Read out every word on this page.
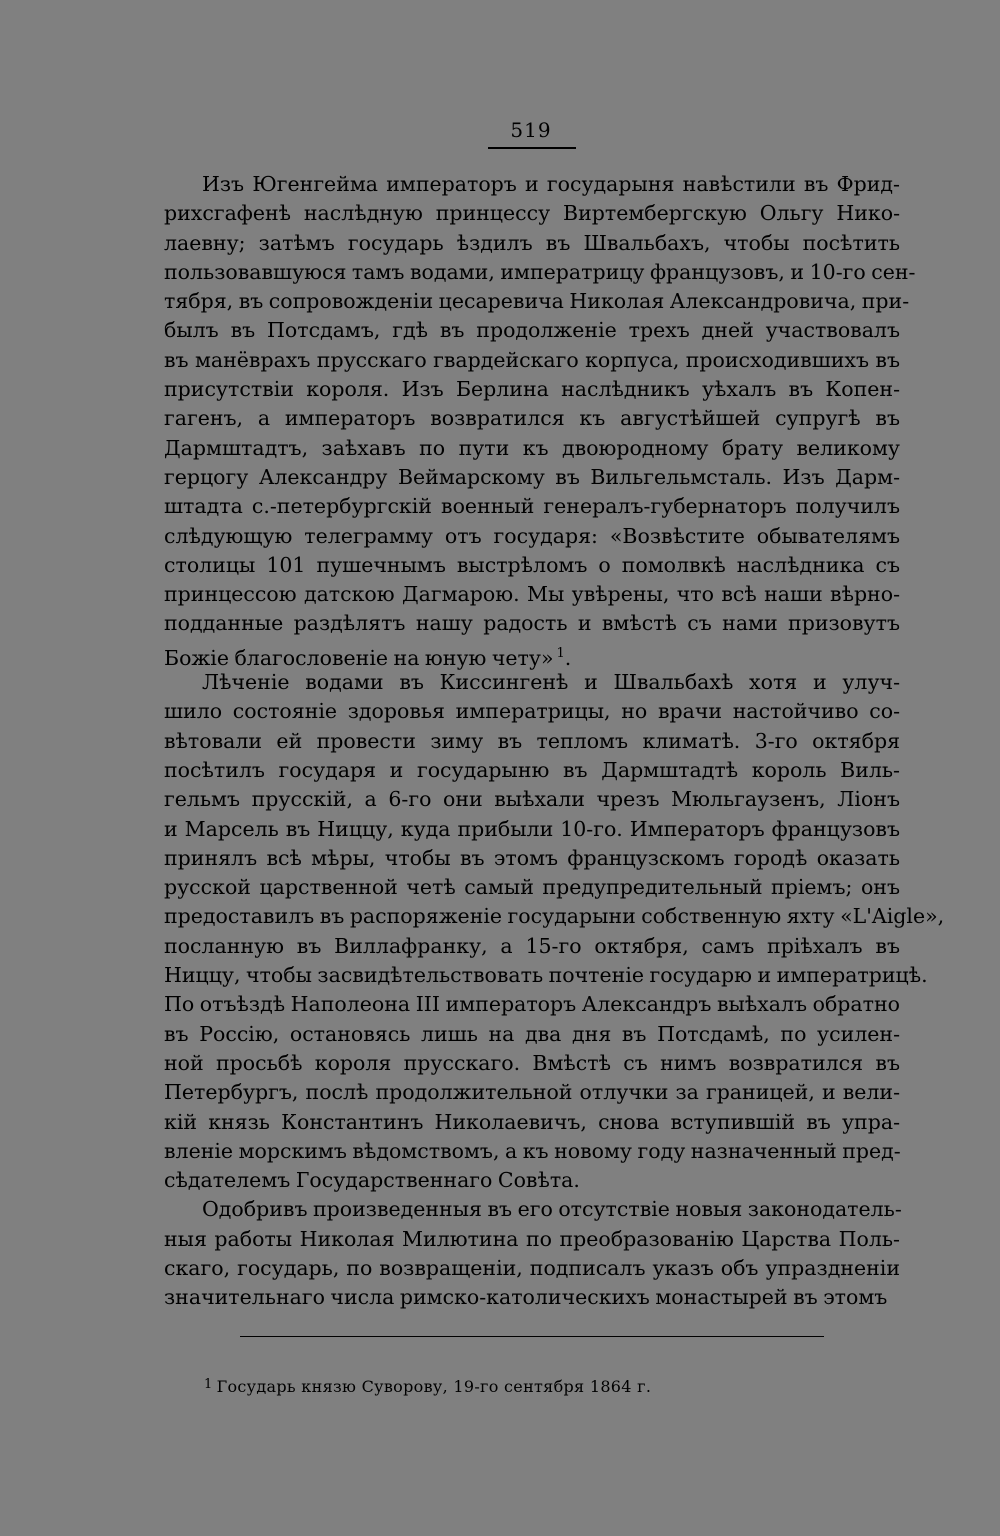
519
Изъ Югенгейма императоръ и государыня навѣстили въ Фрид-
рихсгафенѣ наслѣдную принцессу Виртембергскую Ольгу Нико-
лаевну; затѣмъ государь ѣздилъ въ Швальбахъ, чтобы посѣтить
пользовавшуюся тамъ водами, императрицу французовъ, и 10-го сен-
тября, въ сопровожденіи цесаревича Николая Александровича, при-
былъ въ Потсдамъ, гдѣ въ продолженіе трехъ дней участвовалъ
въ манёврахъ прусскаго гвардейскаго корпуса, происходившихъ въ
присутствіи короля. Изъ Берлина наслѣдникъ уѣхалъ въ Копен-
гагенъ, а императоръ возвратился къ августѣйшей супругѣ въ
Дармштадтъ, заѣхавъ по пути къ двоюродному брату великому
герцогу Александру Веймарскому въ Вильгельмсталь. Изъ Дарм-
штадта с.-петербургскій военный генералъ-губернаторъ получилъ
слѣдующую телеграмму отъ государя: «Возвѣстите обывателямъ
столицы 101 пушечнымъ выстрѣломъ о помолвкѣ наслѣдника съ
принцессою датскою Дагмарою. Мы увѣрены, что всѣ наши вѣрно-
подданные раздѣлятъ нашу радость и вмѣстѣ съ нами призовутъ
Божіе благословеніе на юную чету» $^1$.
Лѣченіе водами въ Киссингенѣ и Швальбахѣ хотя и улуч-
шило состояніе здоровья императрицы, но врачи настойчиво со-
вѣтовали ей провести зиму въ тепломъ климатѣ. 3-го октября
посѣтилъ государя и государыню въ Дармштадтѣ король Виль-
гельмъ прусскій, а 6-го они выѣхали чрезъ Мюльгаузенъ, Ліонъ
и Марсель въ Ниццу, куда прибыли 10-го. Императоръ французовъ
принялъ всѣ мѣры, чтобы въ этомъ французскомъ городѣ оказать
русской царственной четѣ самый предупредительный пріемъ; онъ
предоставилъ въ распоряженіе государыни собственную яхту «L'Aigle»,
посланную въ Виллафранку, а 15-го октября, самъ пріѣхалъ въ
Ниццу, чтобы засвидѣтельствовать почтеніе государю и императрицѣ.
По отъѣздѣ Наполеона III императоръ Александръ выѣхалъ обратно
въ Россію, остановясь лишь на два дня въ Потсдамѣ, по усилен-
ной просьбѣ короля прусскаго. Вмѣстѣ съ нимъ возвратился въ
Петербургъ, послѣ продолжительной отлучки за границей, и вели-
кій князь Константинъ Николаевичъ, снова вступившій въ упра-
вленіе морскимъ вѣдомствомъ, а къ новому году назначенный пред-
сѣдателемъ Государственнаго Совѣта.
Одобривъ произведенныя въ его отсутствіе новыя законодатель-
ныя работы Николая Милютина по преобразованію Царства Поль-
скаго, государь, по возвращеніи, подписалъ указъ объ упраздненіи
значительнаго числа римско-католическихъ монастырей въ этомъ
$^1$ Государь князю Суворову, 19-го сентября 1864 г.
